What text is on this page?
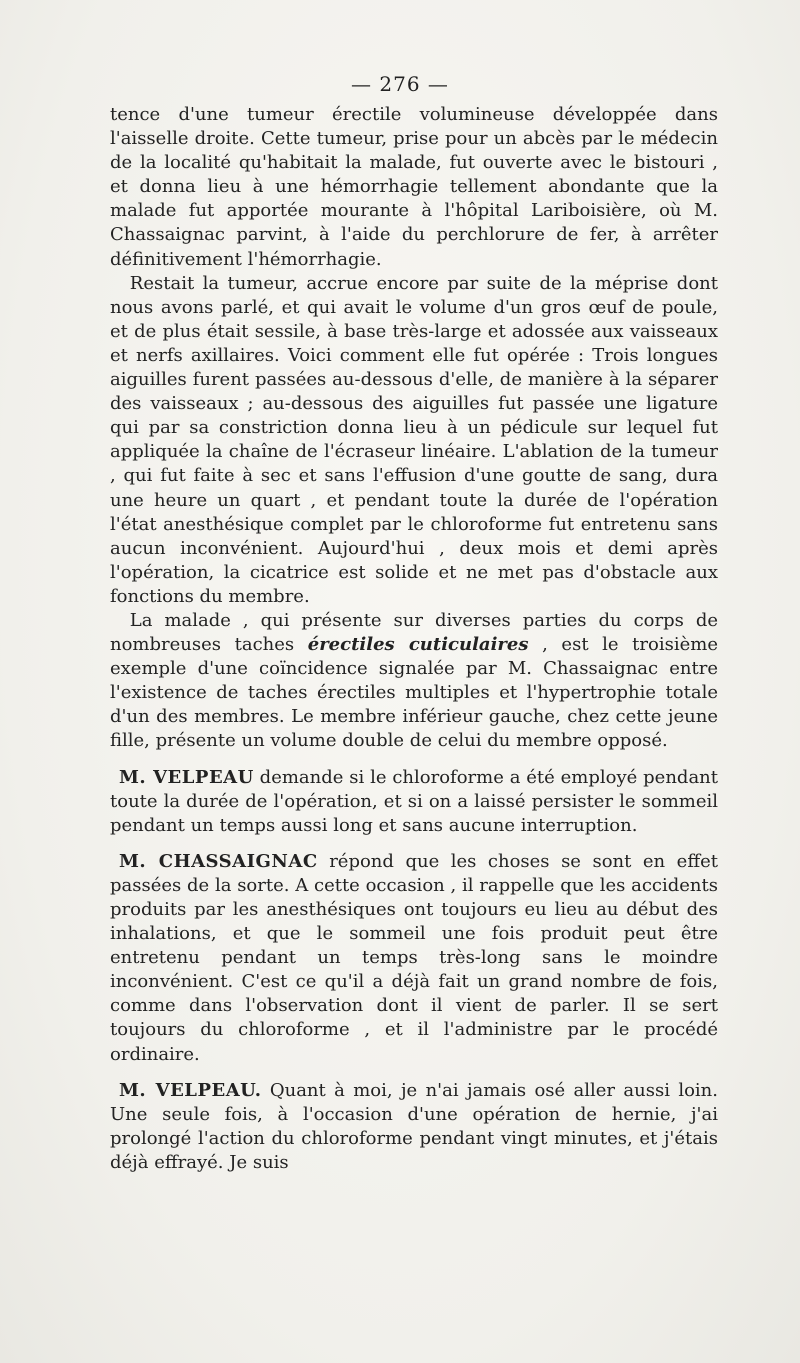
— 276 —

tence d'une tumeur érectile volumineuse développée dans l'aisselle droite. Cette tumeur, prise pour un abcès par le médecin de la localité qu'habitait la malade, fut ouverte avec le bistouri , et donna lieu à une hémorrhagie tellement abondante que la malade fut apportée mourante à l'hôpital Lariboisière, où M. Chassaignac parvint, à l'aide du perchlorure de fer, à arrêter définitivement l'hémorrhagie.

Restait la tumeur, accrue encore par suite de la méprise dont nous avons parlé, et qui avait le volume d'un gros œuf de poule, et de plus était sessile, à base très-large et adossée aux vaisseaux et nerfs axillaires. Voici comment elle fut opérée : Trois longues aiguilles furent passées au-dessous d'elle, de manière à la séparer des vaisseaux ; au-dessous des aiguilles fut passée une ligature qui par sa constriction donna lieu à un pédicule sur lequel fut appliquée la chaîne de l'écraseur linéaire. L'ablation de la tumeur , qui fut faite à sec et sans l'effusion d'une goutte de sang, dura une heure un quart , et pendant toute la durée de l'opération l'état anesthésique complet par le chloroforme fut entretenu sans aucun inconvénient. Aujourd'hui , deux mois et demi après l'opération, la cicatrice est solide et ne met pas d'obstacle aux fonctions du membre.

La malade , qui présente sur diverses parties du corps de nombreuses taches érectiles cuticulaires , est le troisième exemple d'une coïncidence signalée par M. Chassaignac entre l'existence de taches érectiles multiples et l'hypertrophie totale d'un des membres. Le membre inférieur gauche, chez cette jeune fille, présente un volume double de celui du membre opposé.

M. VELPEAU demande si le chloroforme a été employé pendant toute la durée de l'opération, et si on a laissé persister le sommeil pendant un temps aussi long et sans aucune interruption.

M. CHASSAIGNAC répond que les choses se sont en effet passées de la sorte. A cette occasion , il rappelle que les accidents produits par les anesthésiques ont toujours eu lieu au début des inhalations, et que le sommeil une fois produit peut être entretenu pendant un temps très-long sans le moindre inconvénient. C'est ce qu'il a déjà fait un grand nombre de fois, comme dans l'observation dont il vient de parler. Il se sert toujours du chloroforme , et il l'administre par le procédé ordinaire.

M. VELPEAU. Quant à moi, je n'ai jamais osé aller aussi loin. Une seule fois, à l'occasion d'une opération de hernie, j'ai prolongé l'action du chloroforme pendant vingt minutes, et j'étais déjà effrayé. Je suis
